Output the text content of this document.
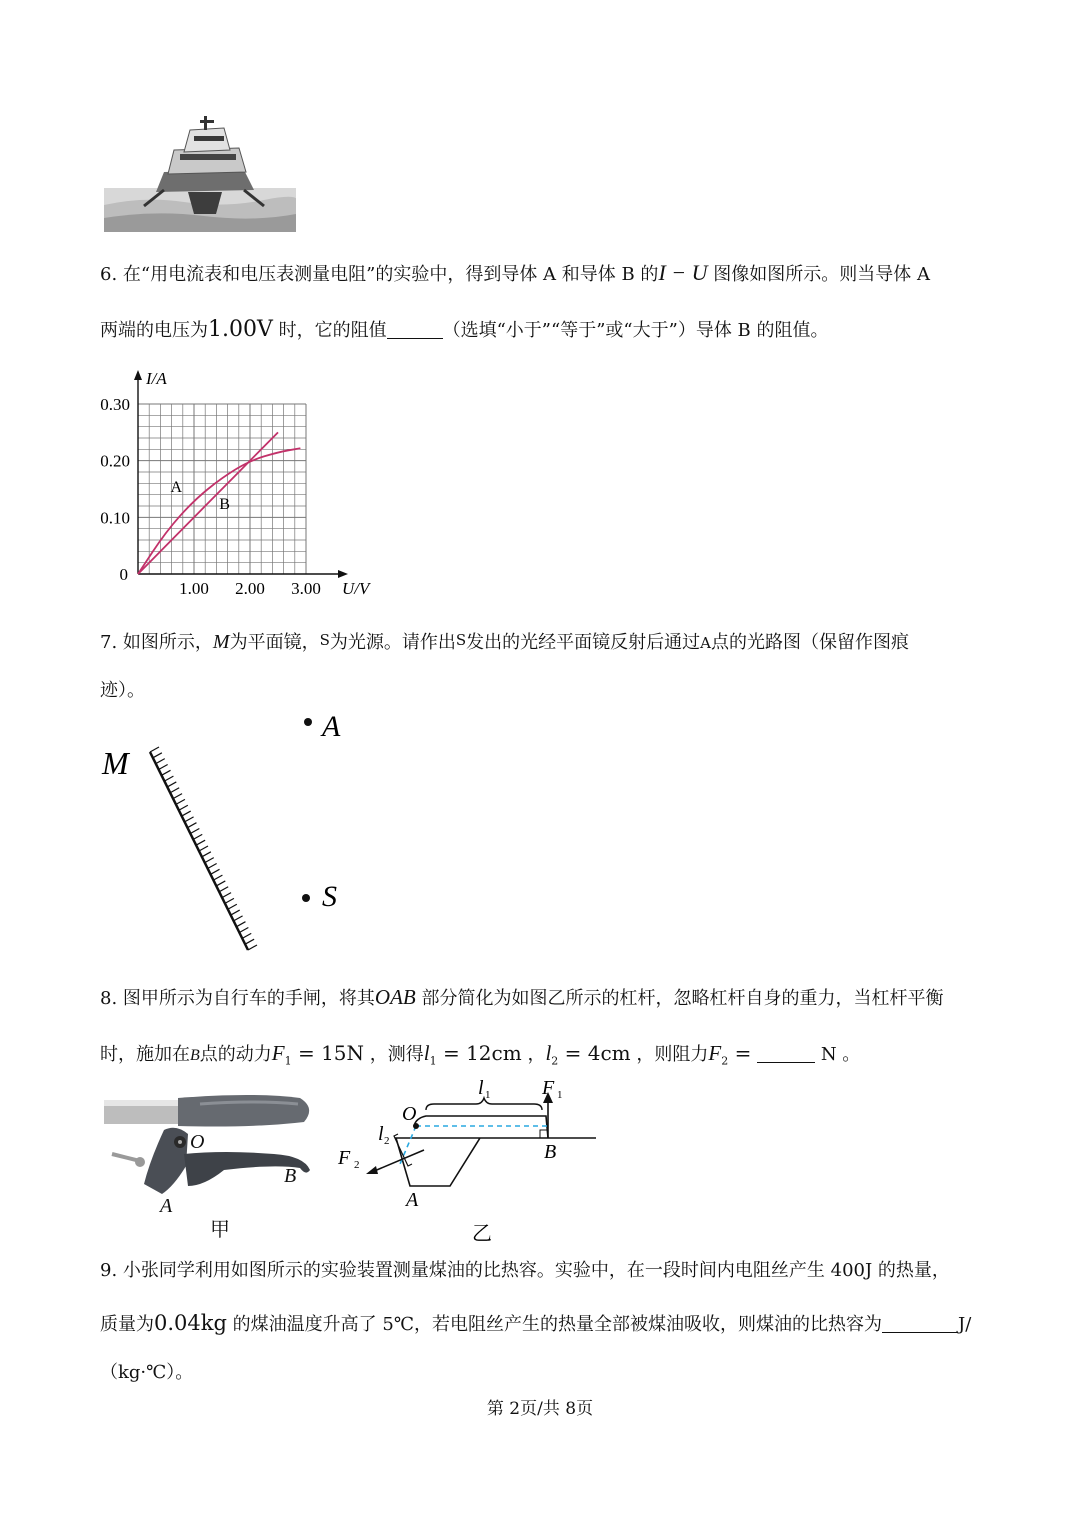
6. 在“用电流表和电压表测量电阻”的实验中，得到导体 A 和导体 B 的I − U 图像如图所示。则当导体 A
两端的电压为1.00V 时，它的阻值	（选填“小于”“等于”或“大于”）导体 B 的阻值。
1.00 2.00 3.00
0.10
0.20
0.30
0
U/V
I/A
A
B
7. 如图所示，M为平面镜，S为光源。请作出S发出的光经平面镜反射后通过A点的光路图（保留作图痕
迹）。
M
A
S
8. 图甲所示为自行车的手闸，将其OAB 部分简化为如图乙所示的杠杆，忽略杠杆自身的重力，当杠杆平衡
时，施加在B点的动力$F_1 = 15N$ ，测得$l_1 = 12cm$ ，$l_2 = 4cm$ ，则阻力$F_2$ =	N 。
O
B
A
甲
O
F 2
l 2
l 1	F 1
B
A
乙
9. 小张同学利用如图所示的实验装置测量煤油的比热容。实验中，在一段时间内电阻丝产生 400J 的热量，
质量为0.04kg 的煤油温度升高了 5℃，若电阻丝产生的热量全部被煤油吸收，则煤油的比热容为	J/
（kg·℃）。
第 2页/共 8页
